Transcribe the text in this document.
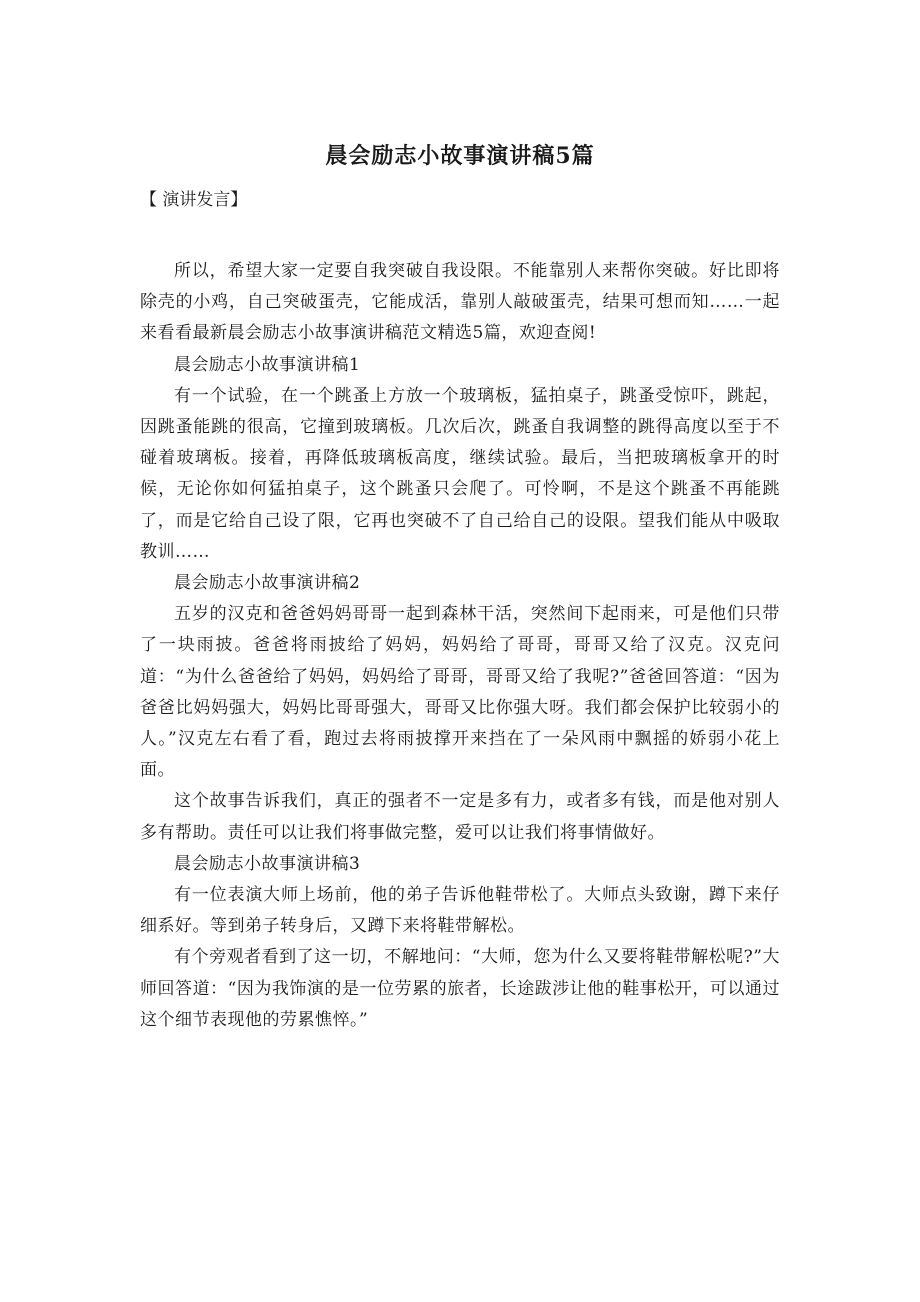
晨会励志小故事演讲稿5篇
【 演讲发言】

所以，希望大家一定要自我突破自我设限。不能靠别人来帮你突破。好比即将除壳的小鸡，自己突破蛋壳，它能成活，靠别人敲破蛋壳，结果可想而知……一起来看看最新晨会励志小故事演讲稿范文精选5篇，欢迎查阅!

晨会励志小故事演讲稿1

有一个试验，在一个跳蚤上方放一个玻璃板，猛拍桌子，跳蚤受惊吓，跳起，因跳蚤能跳的很高，它撞到玻璃板。几次后次，跳蚤自我调整的跳得高度以至于不碰着玻璃板。接着，再降低玻璃板高度，继续试验。最后，当把玻璃板拿开的时候，无论你如何猛拍桌子，这个跳蚤只会爬了。可怜啊，不是这个跳蚤不再能跳了，而是它给自己设了限，它再也突破不了自己给自己的设限。望我们能从中吸取教训……

晨会励志小故事演讲稿2

五岁的汉克和爸爸妈妈哥哥一起到森林干活，突然间下起雨来，可是他们只带了一块雨披。爸爸将雨披给了妈妈，妈妈给了哥哥，哥哥又给了汉克。汉克问道：“为什么爸爸给了妈妈，妈妈给了哥哥，哥哥又给了我呢?”爸爸回答道：“因为爸爸比妈妈强大，妈妈比哥哥强大，哥哥又比你强大呀。我们都会保护比较弱小的人。”汉克左右看了看，跑过去将雨披撑开来挡在了一朵风雨中飘摇的娇弱小花上面。

这个故事告诉我们，真正的强者不一定是多有力，或者多有钱，而是他对别人多有帮助。责任可以让我们将事做完整，爱可以让我们将事情做好。

晨会励志小故事演讲稿3

有一位表演大师上场前，他的弟子告诉他鞋带松了。大师点头致谢，蹲下来仔细系好。等到弟子转身后，又蹲下来将鞋带解松。

有个旁观者看到了这一切，不解地问：“大师，您为什么又要将鞋带解松呢?”大师回答道：“因为我饰演的是一位劳累的旅者，长途跋涉让他的鞋事松开，可以通过这个细节表现他的劳累憔悴。”
